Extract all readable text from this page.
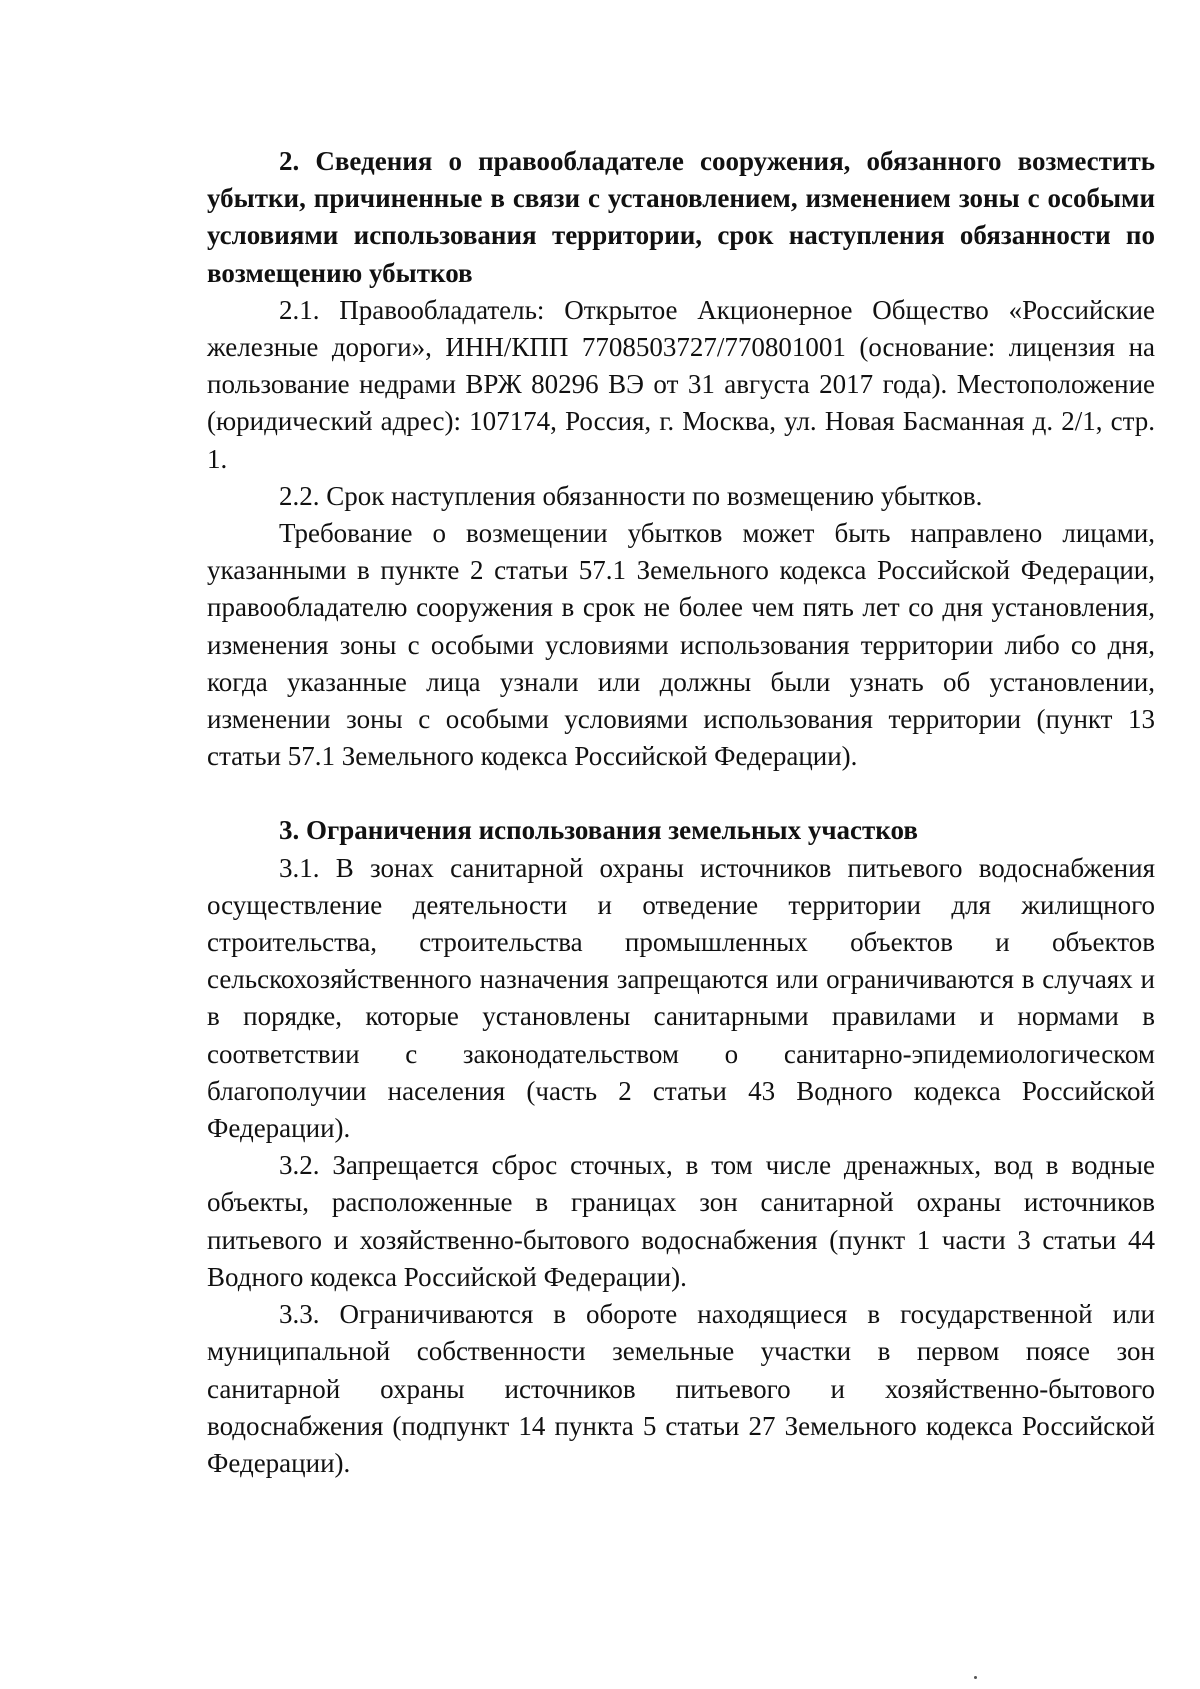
2. Сведения о правообладателе сооружения, обязанного возместить убытки, причиненные в связи с установлением, изменением зоны с особыми условиями использования территории, срок наступления обязанности по возмещению убытков

2.1. Правообладатель: Открытое Акционерное Общество «Российские железные дороги», ИНН/КПП 7708503727/770801001 (основание: лицензия на пользование недрами ВРЖ 80296 ВЭ от 31 августа 2017 года). Местоположение (юридический адрес): 107174, Россия, г. Москва, ул. Новая Басманная д. 2/1, стр. 1.

2.2. Срок наступления обязанности по возмещению убытков.

Требование о возмещении убытков может быть направлено лицами, указанными в пункте 2 статьи 57.1 Земельного кодекса Российской Федерации, правообладателю сооружения в срок не более чем пять лет со дня установления, изменения зоны с особыми условиями использования территории либо со дня, когда указанные лица узнали или должны были узнать об установлении, изменении зоны с особыми условиями использования территории (пункт 13 статьи 57.1 Земельного кодекса Российской Федерации).

3. Ограничения использования земельных участков

3.1. В зонах санитарной охраны источников питьевого водоснабжения осуществление деятельности и отведение территории для жилищного строительства, строительства промышленных объектов и объектов сельскохозяйственного назначения запрещаются или ограничиваются в случаях и в порядке, которые установлены санитарными правилами и нормами в соответствии с законодательством о санитарно-эпидемиологическом благополучии населения (часть 2 статьи 43 Водного кодекса Российской Федерации).

3.2. Запрещается сброс сточных, в том числе дренажных, вод в водные объекты, расположенные в границах зон санитарной охраны источников питьевого и хозяйственно-бытового водоснабжения (пункт 1 части 3 статьи 44 Водного кодекса Российской Федерации).

3.3. Ограничиваются в обороте находящиеся в государственной или муниципальной собственности земельные участки в первом поясе зон санитарной охраны источников питьевого и хозяйственно-бытового водоснабжения (подпункт 14 пункта 5 статьи 27 Земельного кодекса Российской Федерации).
